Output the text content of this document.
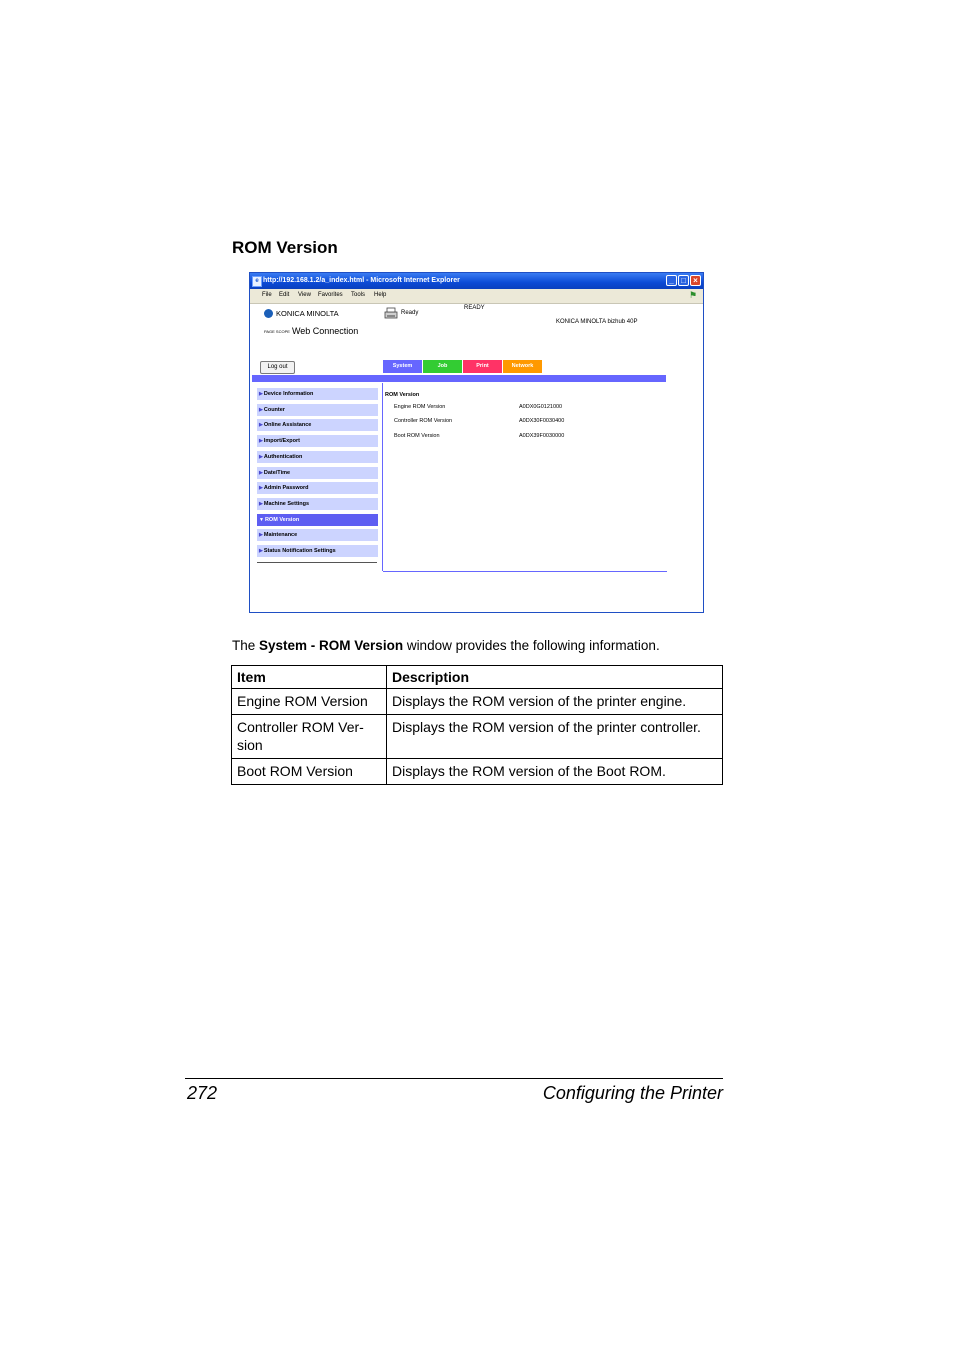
ROM Version
e http://192.168.1.2/a_index.html - Microsoft Internet Explorer	_ □ ×
File Edit View Favorites Tools Help	⚑
KONICA MINOLTA
PAGE SCOPE Web Connection
Ready
READY
KONICA MINOLTA bizhub 40P
Log out	System	Job	Print	Network
▶Device Information
▶Counter
▶Online Assistance
▶Import/Export
▶Authentication
▶Date/Time
▶Admin Password
▶Machine Settings
▼ROM Version
▶Maintenance
▶Status Notification Settings
ROM Version
Engine ROM Version	A0DX0G0121000
Controller ROM Version	A0DX30F0030400
Boot ROM Version	A0DX39F0030000
The System - ROM Version window provides the following information.
Item	Description
Engine ROM Version	Displays the ROM version of the printer engine.
Controller ROM Ver-
sion	Displays the ROM version of the printer controller.
Boot ROM Version	Displays the ROM version of the Boot ROM.
272	Configuring the Printer
